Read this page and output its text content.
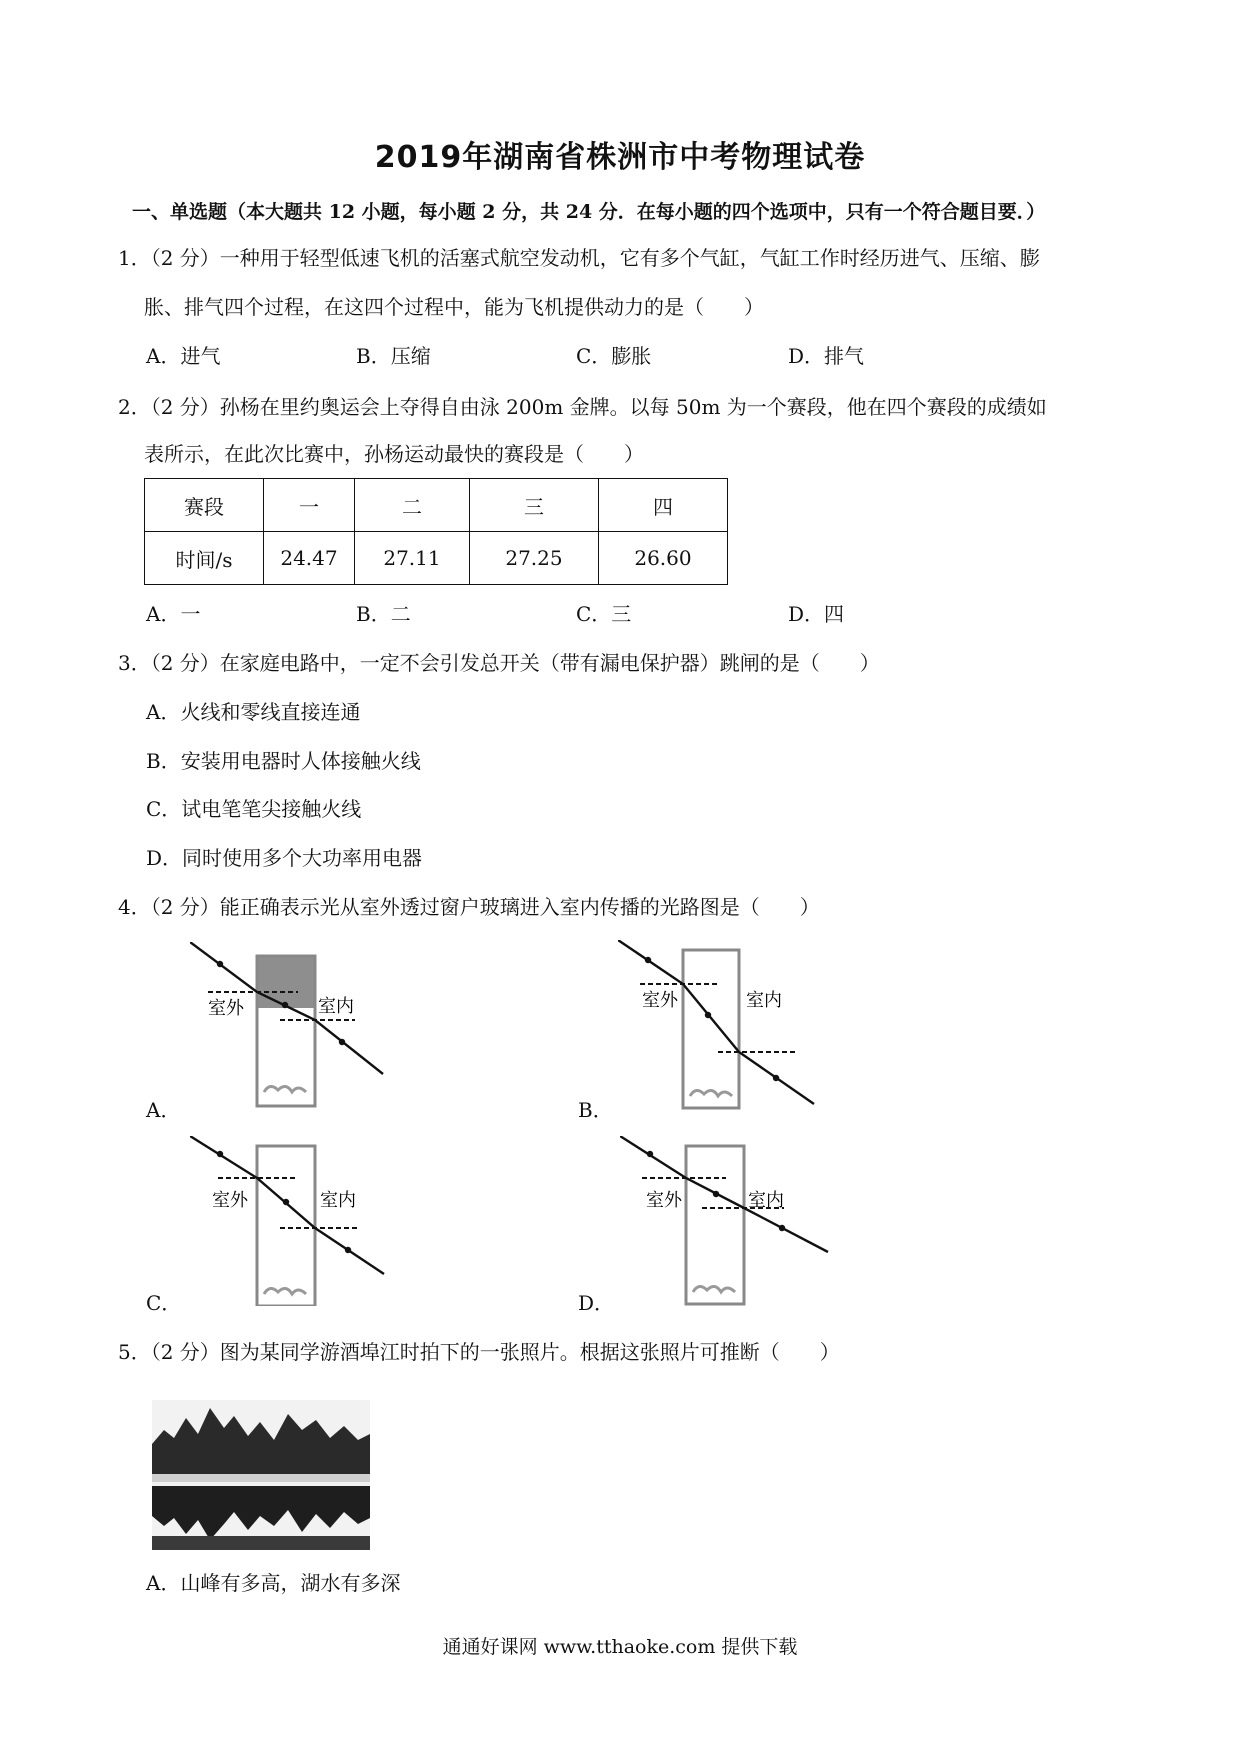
2019年湖南省株洲市中考物理试卷
一、单选题（本大题共 12 小题，每小题 2 分，共 24 分．在每小题的四个选项中，只有一个符合题目要．）
1．（2 分）一种用于轻型低速飞机的活塞式航空发动机，它有多个气缸，气缸工作时经历进气、压缩、膨
胀、排气四个过程，在这四个过程中，能为飞机提供动力的是（　　）
A．进气	B．压缩	C．膨胀	D．排气
2．（2 分）孙杨在里约奥运会上夺得自由泳 200m 金牌。以每 50m 为一个赛段，他在四个赛段的成绩如
表所示，在此次比赛中，孙杨运动最快的赛段是（　　）
赛段	一	二	三	四
时间/s	24.47	27.11	27.25	26.60
A．一	B．二	C．三	D．四
3．（2 分）在家庭电路中，一定不会引发总开关（带有漏电保护器）跳闸的是（　　）
A．火线和零线直接连通
B．安装用电器时人体接触火线
C．试电笔笔尖接触火线
D．同时使用多个大功率用电器
4．（2 分）能正确表示光从室外透过窗户玻璃进入室内传播的光路图是（　　）
室外	室内
A．
室外	室内
B．
室外	室内
C．
室外	室内
D．
5．（2 分）图为某同学游酒埠江时拍下的一张照片。根据这张照片可推断（　　）
A．山峰有多高，湖水有多深
通通好课网 www.tthaoke.com 提供下载
